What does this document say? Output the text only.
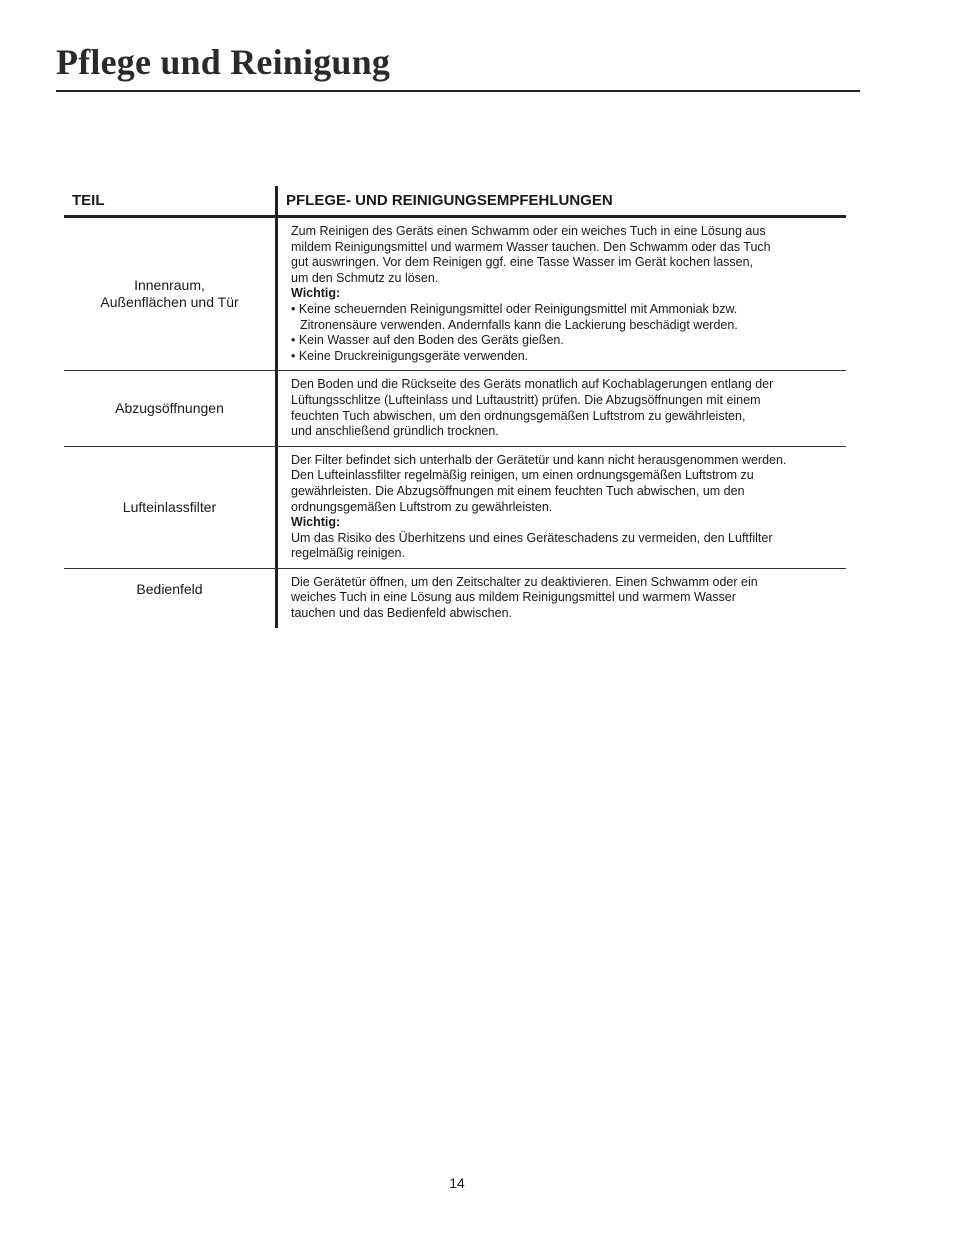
Pflege und Reinigung
TEIL	PFLEGE- UND REINIGUNGSEMPFEHLUNGEN
Innenraum,
Außenflächen und Tür
Zum Reinigen des Geräts einen Schwamm oder ein weiches Tuch in eine Lösung aus
mildem Reinigungsmittel und warmem Wasser tauchen. Den Schwamm oder das Tuch
gut auswringen. Vor dem Reinigen ggf. eine Tasse Wasser im Gerät kochen lassen,
um den Schmutz zu lösen.
Wichtig:
• Keine scheuernden Reinigungsmittel oder Reinigungsmittel mit Ammoniak bzw.
Zitronensäure verwenden. Andernfalls kann die Lackierung beschädigt werden.
• Kein Wasser auf den Boden des Geräts gießen.
• Keine Druckreinigungsgeräte verwenden.
Abzugsöffnungen
Den Boden und die Rückseite des Geräts monatlich auf Kochablagerungen entlang der
Lüftungsschlitze (Lufteinlass und Luftaustritt) prüfen. Die Abzugsöffnungen mit einem
feuchten Tuch abwischen, um den ordnungsgemäßen Luftstrom zu gewährleisten,
und anschließend gründlich trocknen.
Lufteinlassfilter
Der Filter befindet sich unterhalb der Gerätetür und kann nicht herausgenommen werden.
Den Lufteinlassfilter regelmäßig reinigen, um einen ordnungsgemäßen Luftstrom zu
gewährleisten. Die Abzugsöffnungen mit einem feuchten Tuch abwischen, um den
ordnungsgemäßen Luftstrom zu gewährleisten.
Wichtig:
Um das Risiko des Überhitzens und eines Geräteschadens zu vermeiden, den Luftfilter
regelmäßig reinigen.
Bedienfeld	Die Gerätetür öffnen, um den Zeitschalter zu deaktivieren. Einen Schwamm oder ein
weiches Tuch in eine Lösung aus mildem Reinigungsmittel und warmem Wasser
tauchen und das Bedienfeld abwischen.
14
